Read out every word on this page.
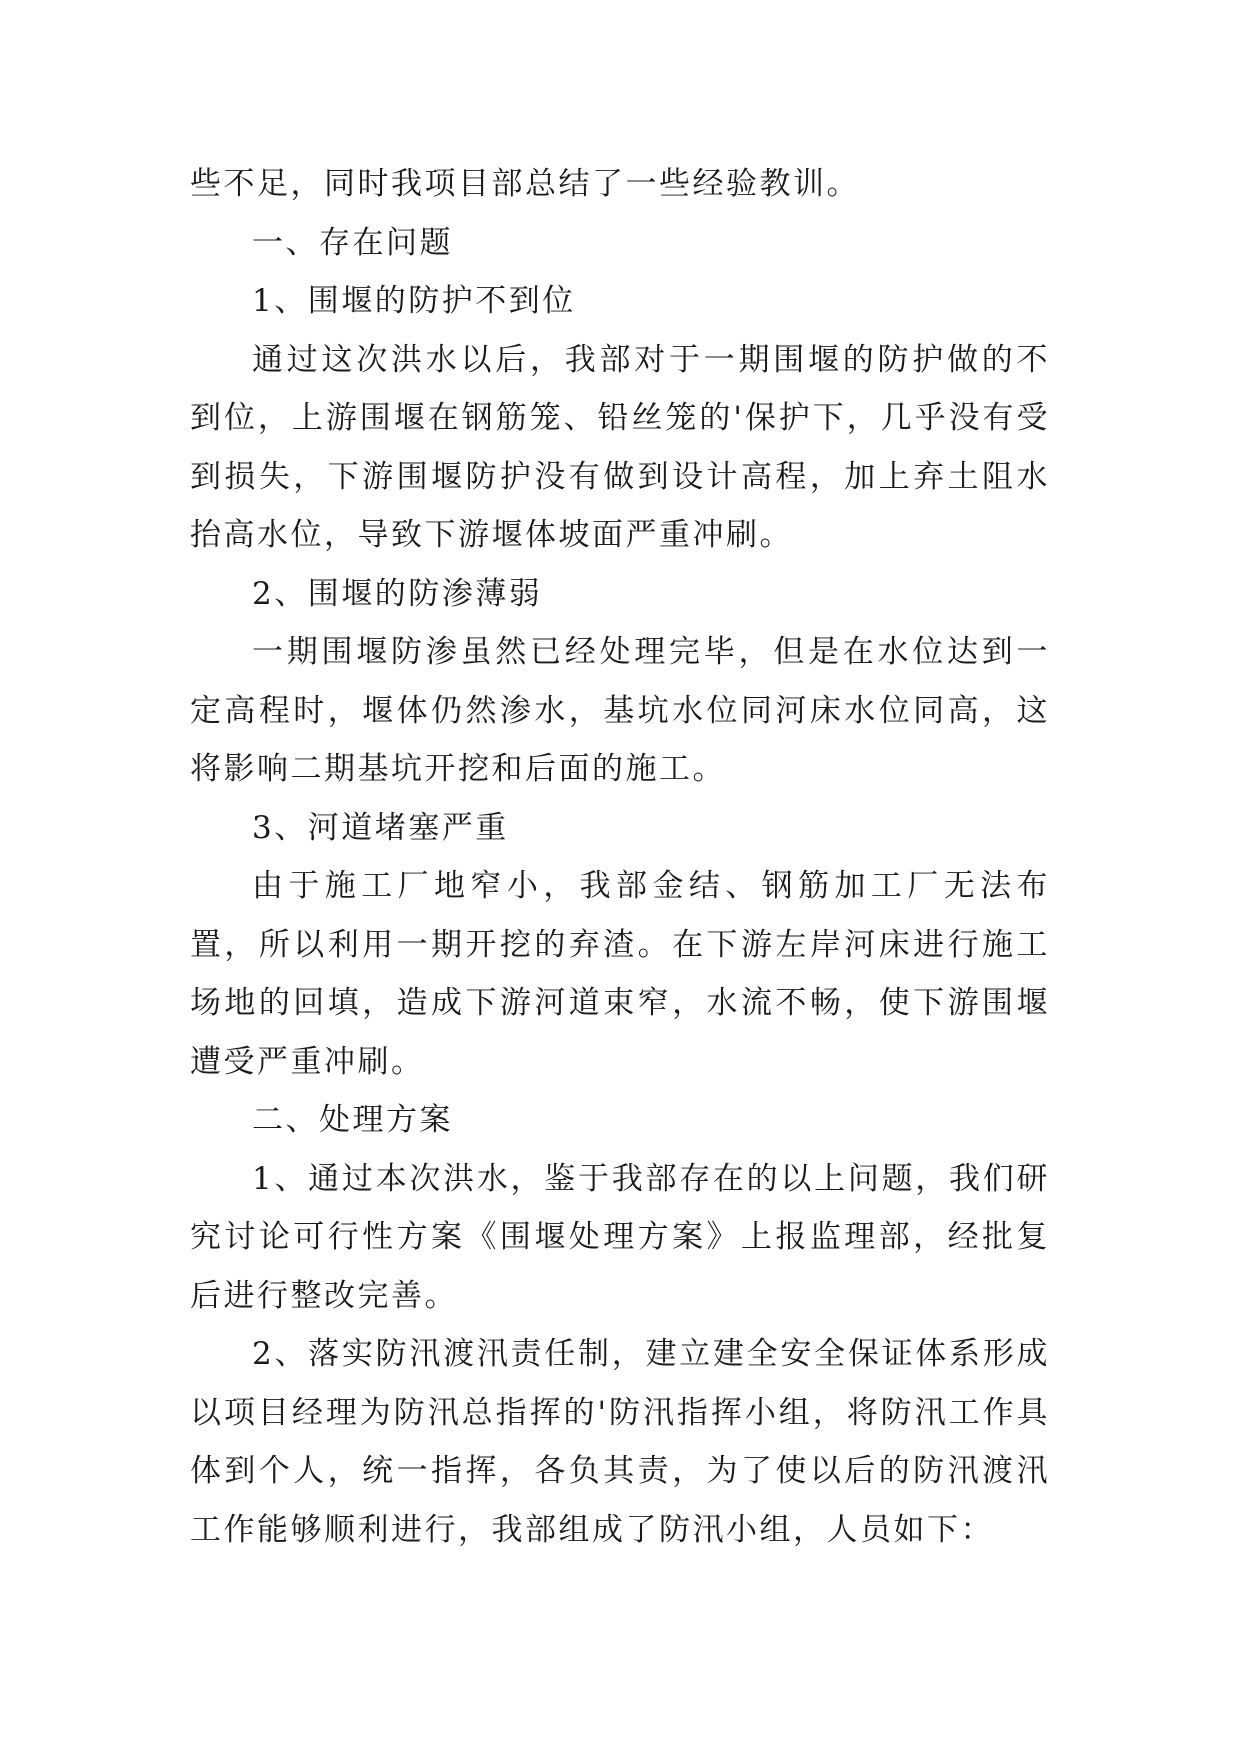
些不足，同时我项目部总结了一些经验教训。

一、存在问题

1、围堰的防护不到位

通过这次洪水以后，我部对于一期围堰的防护做的不到位，上游围堰在钢筋笼、铅丝笼的'保护下，几乎没有受到损失，下游围堰防护没有做到设计高程，加上弃土阻水抬高水位，导致下游堰体坡面严重冲刷。

2、围堰的防渗薄弱

一期围堰防渗虽然已经处理完毕，但是在水位达到一定高程时，堰体仍然渗水，基坑水位同河床水位同高，这将影响二期基坑开挖和后面的施工。

3、河道堵塞严重

由于施工厂地窄小，我部金结、钢筋加工厂无法布置，所以利用一期开挖的弃渣。在下游左岸河床进行施工场地的回填，造成下游河道束窄，水流不畅，使下游围堰遭受严重冲刷。

二、处理方案

1、通过本次洪水，鉴于我部存在的以上问题，我们研究讨论可行性方案《围堰处理方案》上报监理部，经批复后进行整改完善。

2、落实防汛渡汛责任制，建立建全安全保证体系形成以项目经理为防汛总指挥的'防汛指挥小组，将防汛工作具体到个人，统一指挥，各负其责，为了使以后的防汛渡汛工作能够顺利进行，我部组成了防汛小组，人员如下：
